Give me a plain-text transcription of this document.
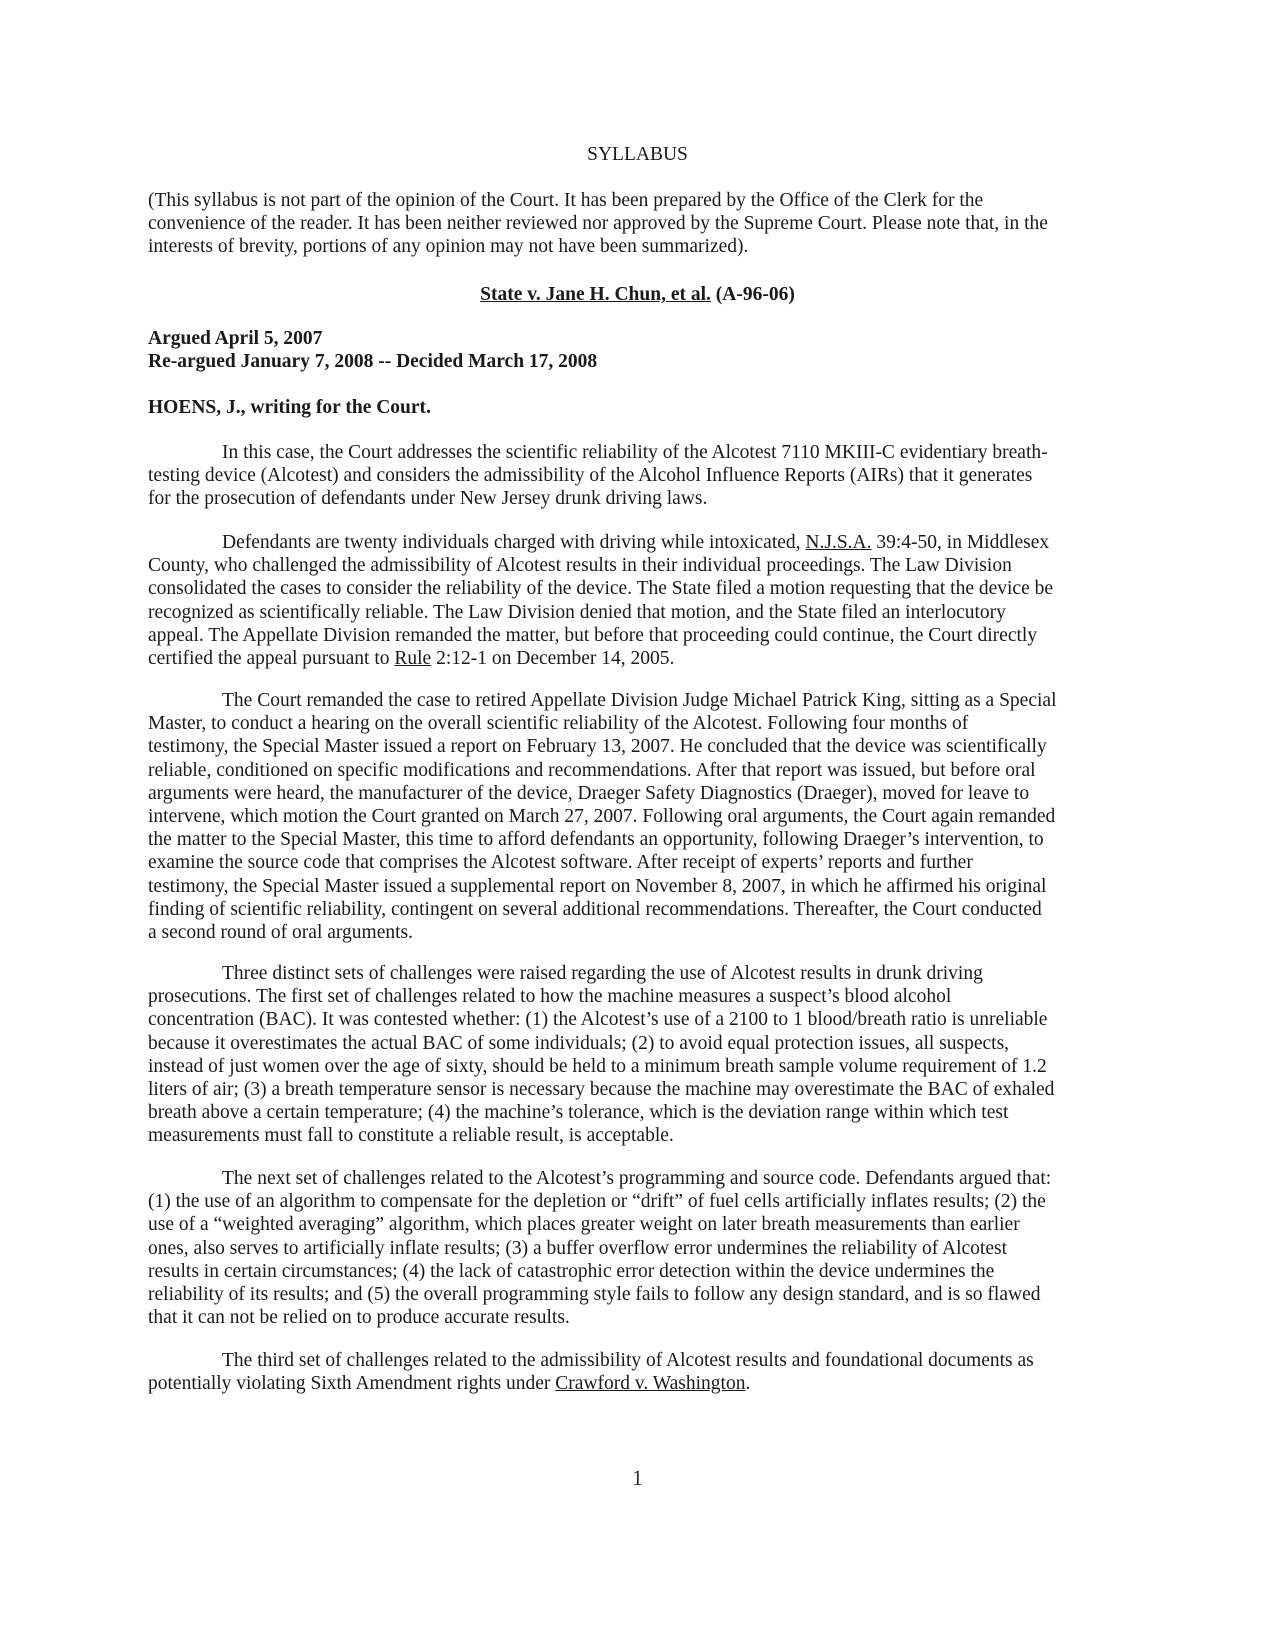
SYLLABUS
(This syllabus is not part of the opinion of the Court. It has been prepared by the Office of the Clerk for the
convenience of the reader. It has been neither reviewed nor approved by the Supreme Court. Please note that, in the
interests of brevity, portions of any opinion may not have been summarized).
State v. Jane H. Chun, et al. (A-96-06)
Argued April 5, 2007
Re-argued January 7, 2008 -- Decided March 17, 2008
HOENS, J., writing for the Court.
In this case, the Court addresses the scientific reliability of the Alcotest 7110 MKIII-C evidentiary breath-
testing device (Alcotest) and considers the admissibility of the Alcohol Influence Reports (AIRs) that it generates
for the prosecution of defendants under New Jersey drunk driving laws.
Defendants are twenty individuals charged with driving while intoxicated, N.J.S.A. 39:4-50, in Middlesex
County, who challenged the admissibility of Alcotest results in their individual proceedings. The Law Division
consolidated the cases to consider the reliability of the device. The State filed a motion requesting that the device be
recognized as scientifically reliable. The Law Division denied that motion, and the State filed an interlocutory
appeal. The Appellate Division remanded the matter, but before that proceeding could continue, the Court directly
certified the appeal pursuant to Rule 2:12-1 on December 14, 2005.
The Court remanded the case to retired Appellate Division Judge Michael Patrick King, sitting as a Special
Master, to conduct a hearing on the overall scientific reliability of the Alcotest. Following four months of
testimony, the Special Master issued a report on February 13, 2007. He concluded that the device was scientifically
reliable, conditioned on specific modifications and recommendations. After that report was issued, but before oral
arguments were heard, the manufacturer of the device, Draeger Safety Diagnostics (Draeger), moved for leave to
intervene, which motion the Court granted on March 27, 2007. Following oral arguments, the Court again remanded
the matter to the Special Master, this time to afford defendants an opportunity, following Draeger’s intervention, to
examine the source code that comprises the Alcotest software. After receipt of experts’ reports and further
testimony, the Special Master issued a supplemental report on November 8, 2007, in which he affirmed his original
finding of scientific reliability, contingent on several additional recommendations. Thereafter, the Court conducted
a second round of oral arguments.
Three distinct sets of challenges were raised regarding the use of Alcotest results in drunk driving
prosecutions. The first set of challenges related to how the machine measures a suspect’s blood alcohol
concentration (BAC). It was contested whether: (1) the Alcotest’s use of a 2100 to 1 blood/breath ratio is unreliable
because it overestimates the actual BAC of some individuals; (2) to avoid equal protection issues, all suspects,
instead of just women over the age of sixty, should be held to a minimum breath sample volume requirement of 1.2
liters of air; (3) a breath temperature sensor is necessary because the machine may overestimate the BAC of exhaled
breath above a certain temperature; (4) the machine’s tolerance, which is the deviation range within which test
measurements must fall to constitute a reliable result, is acceptable.
The next set of challenges related to the Alcotest’s programming and source code. Defendants argued that:
(1) the use of an algorithm to compensate for the depletion or “drift” of fuel cells artificially inflates results; (2) the
use of a “weighted averaging” algorithm, which places greater weight on later breath measurements than earlier
ones, also serves to artificially inflate results; (3) a buffer overflow error undermines the reliability of Alcotest
results in certain circumstances; (4) the lack of catastrophic error detection within the device undermines the
reliability of its results; and (5) the overall programming style fails to follow any design standard, and is so flawed
that it can not be relied on to produce accurate results.
The third set of challenges related to the admissibility of Alcotest results and foundational documents as
potentially violating Sixth Amendment rights under Crawford v. Washington.
1
